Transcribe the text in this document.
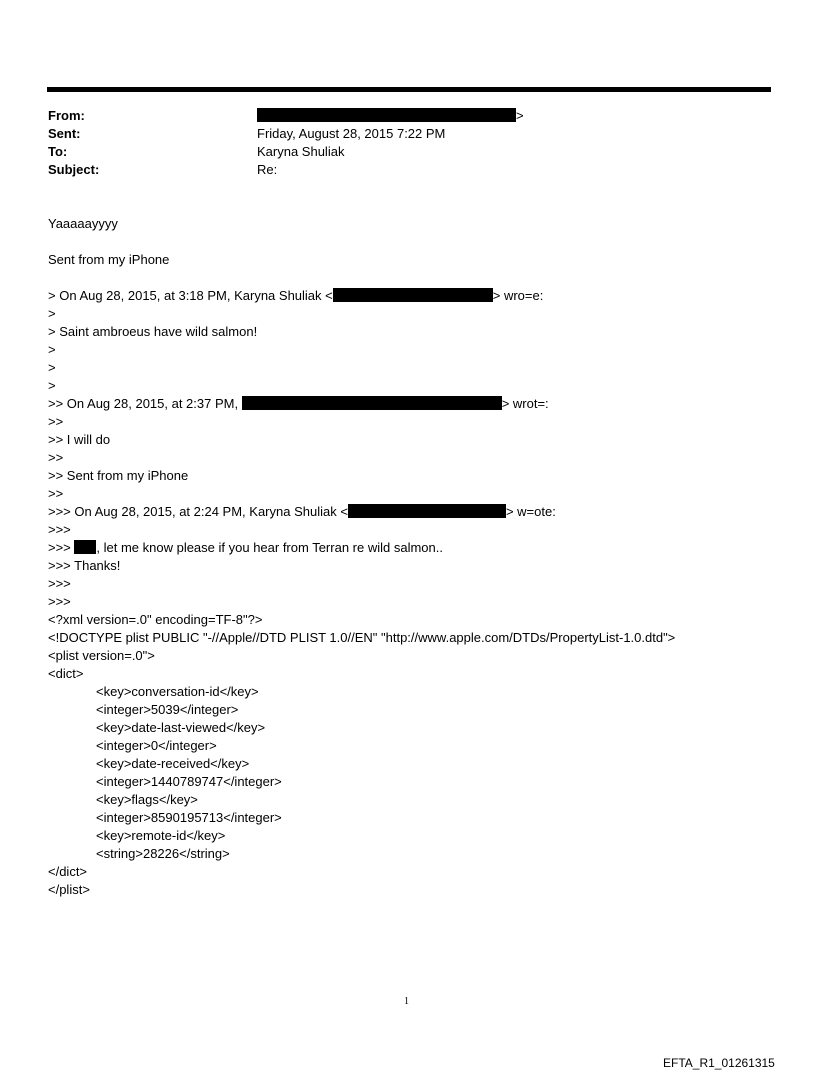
From:	>
Sent:	Friday, August 28, 2015 7:22 PM
To:	Karyna Shuliak
Subject:	Re:
Yaaaaayyyy
Sent from my iPhone
> On Aug 28, 2015, at 3:18 PM, Karyna Shuliak <	> wro=e:
>
> Saint ambroeus have wild salmon!
>
>
>
>> On Aug 28, 2015, at 2:37 PM,	> wrot=:
>>
>> I will do
>>
>> Sent from my iPhone
>>
>>> On Aug 28, 2015, at 2:24 PM, Karyna Shuliak <	> w=ote:
>>>
>>> , let me know please if you hear from Terran re wild salmon..
>>> Thanks!
>>>
>>>
<?xml version=.0" encoding=TF-8"?>
<!DOCTYPE plist PUBLIC "-//Apple//DTD PLIST 1.0//EN" "http://www.apple.com/DTDs/PropertyList-1.0.dtd">
<plist version=.0">
<dict>
<key>conversation-id</key>
<integer>5039</integer>
<key>date-last-viewed</key>
<integer>0</integer>
<key>date-received</key>
<integer>1440789747</integer>
<key>flags</key>
<integer>8590195713</integer>
<key>remote-id</key>
<string>28226</string>
</dict>
</plist>
1
EFTA_R1_01261315
